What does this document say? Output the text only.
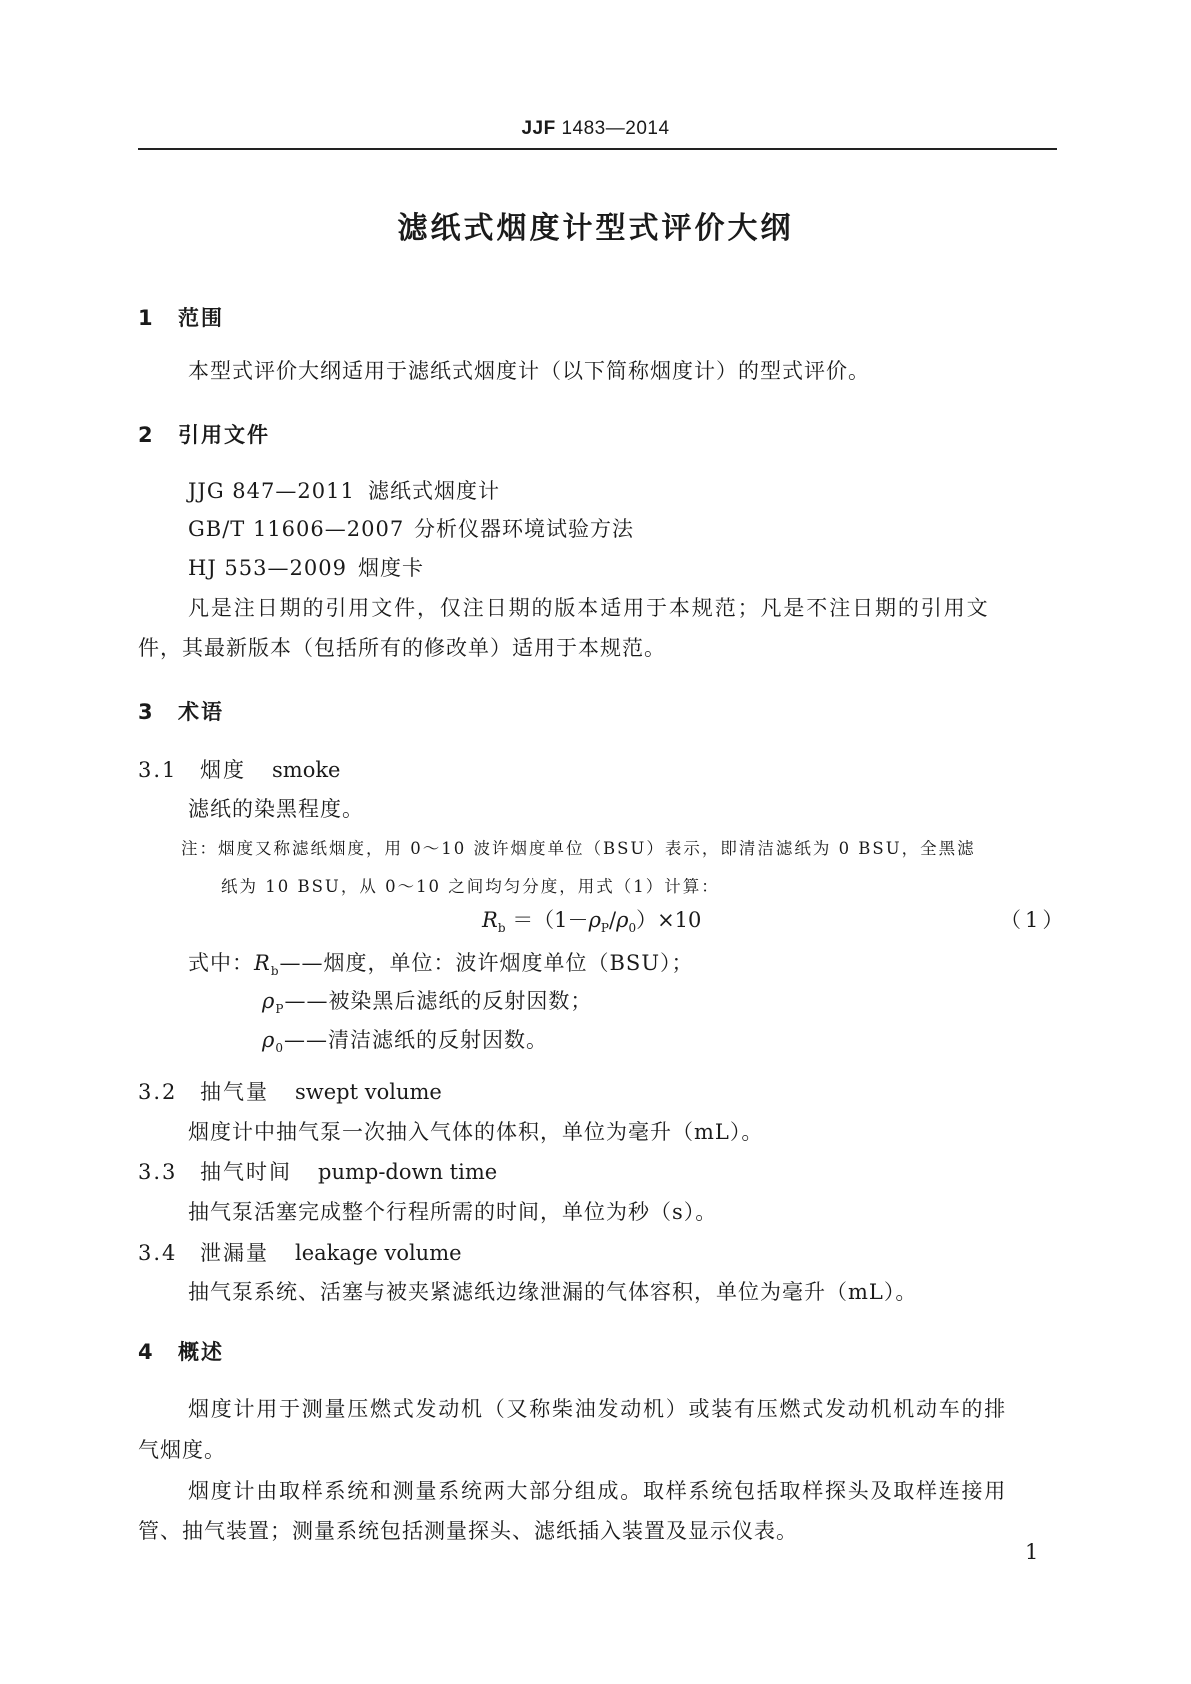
JJF 1483—2014
滤纸式烟度计型式评价大纲
1 范围
本型式评价大纲适用于滤纸式烟度计（以下简称烟度计）的型式评价。
2 引用文件
JJG 847—2011 滤纸式烟度计
GB/T 11606—2007 分析仪器环境试验方法
HJ 553—2009 烟度卡
凡是注日期的引用文件，仅注日期的版本适用于本规范；凡是不注日期的引用文
件，其最新版本（包括所有的修改单）适用于本规范。
3 术语
3.1 烟度 smoke
滤纸的染黑程度。
注：烟度又称滤纸烟度，用 0～10 波许烟度单位（BSU）表示，即清洁滤纸为 0 BSU，全黑滤
纸为 10 BSU，从 0～10 之间均匀分度，用式（1）计算：
$R_b =(1-\rho_P/\rho_0)\times 10$	（1）
式中：$R_b——$烟度，单位：波许烟度单位（BSU）；
$\rho_P——$被染黑后滤纸的反射因数；
$\rho_0——$清洁滤纸的反射因数。
3.2 抽气量 swept volume
烟度计中抽气泵一次抽入气体的体积，单位为毫升（mL）。
3.3 抽气时间 pump-down time
抽气泵活塞完成整个行程所需的时间，单位为秒（s）。
3.4 泄漏量 leakage volume
抽气泵系统、活塞与被夹紧滤纸边缘泄漏的气体容积，单位为毫升（mL）。
4 概述
烟度计用于测量压燃式发动机（又称柴油发动机）或装有压燃式发动机机动车的排
气烟度。
烟度计由取样系统和测量系统两大部分组成。取样系统包括取样探头及取样连接用
管、抽气装置；测量系统包括测量探头、滤纸插入装置及显示仪表。
1
